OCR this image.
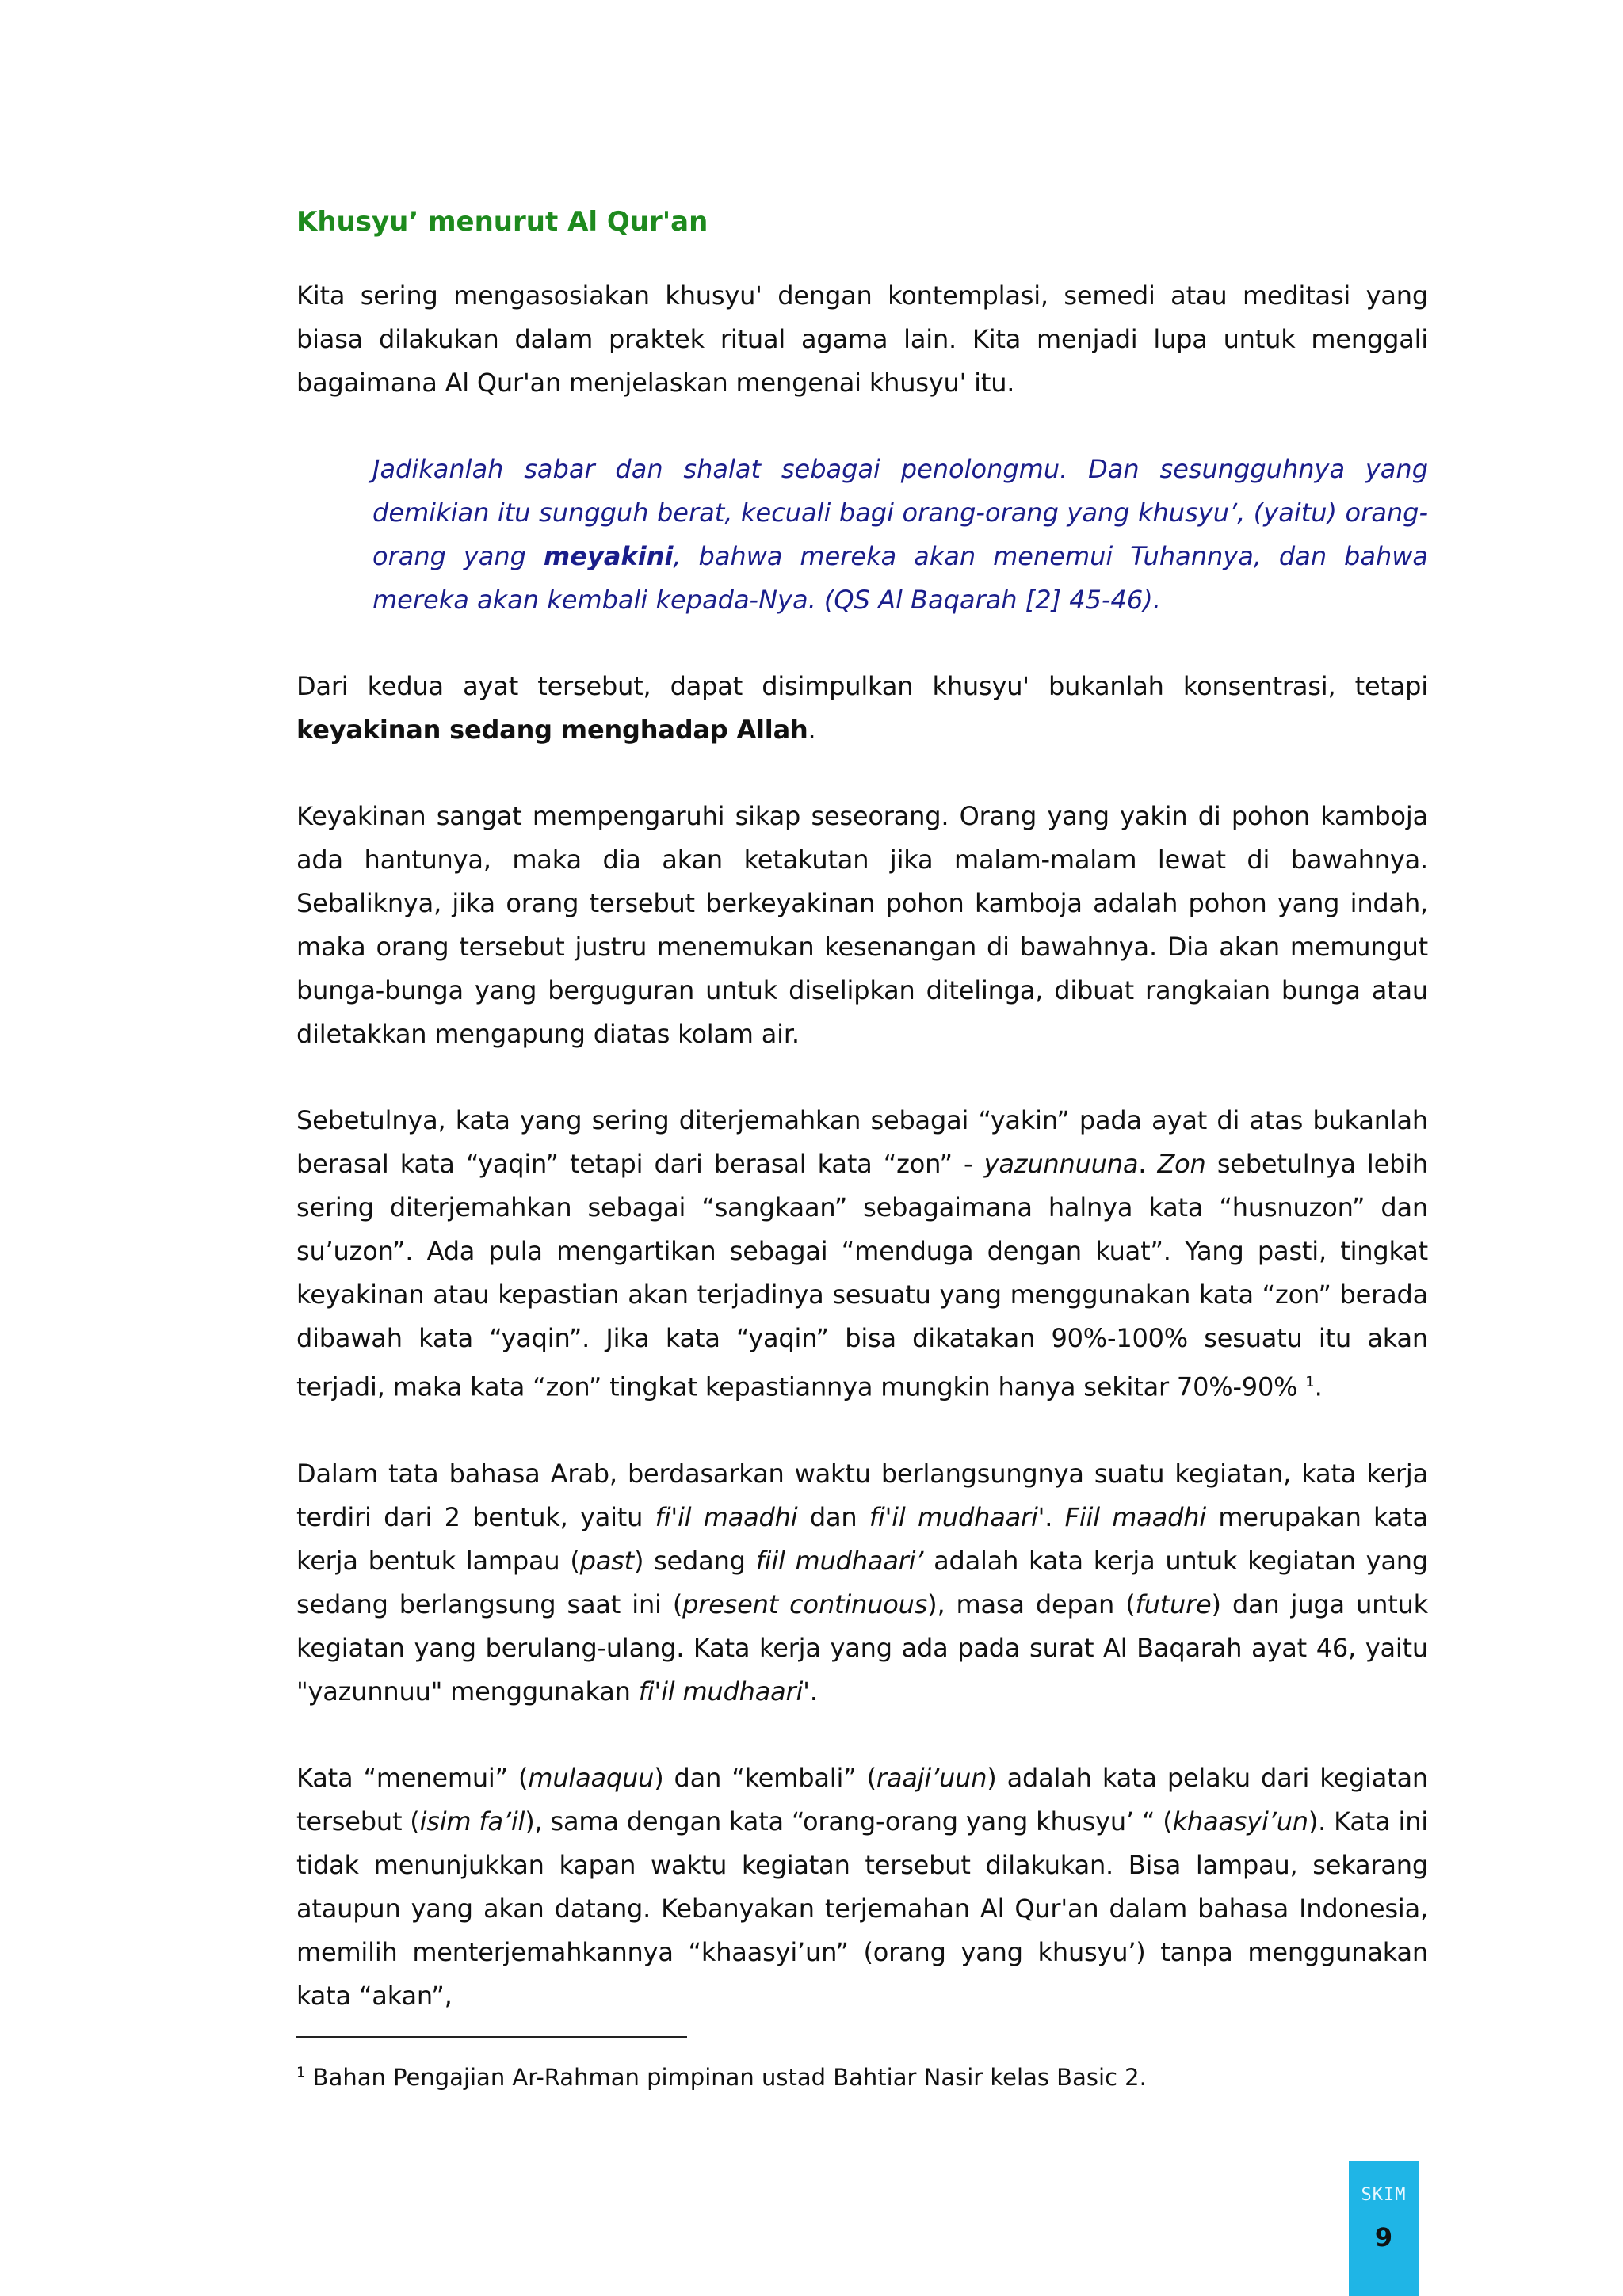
Khusyu’ menurut Al Qur'an

Kita sering mengasosiakan khusyu' dengan kontemplasi, semedi atau meditasi yang biasa dilakukan dalam praktek ritual agama lain. Kita menjadi lupa untuk menggali bagaimana Al Qur'an menjelaskan mengenai khusyu' itu.

Jadikanlah sabar dan shalat sebagai penolongmu. Dan sesungguhnya yang demikian itu sungguh berat, kecuali bagi orang-orang yang khusyu’, (yaitu) orang-orang yang meyakini, bahwa mereka akan menemui Tuhannya, dan bahwa mereka akan kembali kepada-Nya. (QS Al Baqarah [2] 45-46).

Dari kedua ayat tersebut, dapat disimpulkan khusyu' bukanlah konsentrasi, tetapi keyakinan sedang menghadap Allah.

Keyakinan sangat mempengaruhi sikap seseorang. Orang yang yakin di pohon kamboja ada hantunya, maka dia akan ketakutan jika malam-malam lewat di bawahnya. Sebaliknya, jika orang tersebut berkeyakinan pohon kamboja adalah pohon yang indah, maka orang tersebut justru menemukan kesenangan di bawahnya. Dia akan memungut bunga-bunga yang berguguran untuk diselipkan ditelinga, dibuat rangkaian bunga atau diletakkan mengapung diatas kolam air.

Sebetulnya, kata yang sering diterjemahkan sebagai “yakin” pada ayat di atas bukanlah berasal kata “yaqin” tetapi dari berasal kata “zon” - yazunnuuna. Zon sebetulnya lebih sering diterjemahkan sebagai “sangkaan” sebagaimana halnya kata “husnuzon” dan su’uzon”. Ada pula mengartikan sebagai “menduga dengan kuat”. Yang pasti, tingkat keyakinan atau kepastian akan terjadinya sesuatu yang menggunakan kata “zon” berada dibawah kata “yaqin”. Jika kata “yaqin” bisa dikatakan 90%-100% sesuatu itu akan terjadi, maka kata “zon” tingkat kepastiannya mungkin hanya sekitar 70%-90% $^1$.

Dalam tata bahasa Arab, berdasarkan waktu berlangsungnya suatu kegiatan, kata kerja terdiri dari 2 bentuk, yaitu fi'il maadhi dan fi'il mudhaari'. Fiil maadhi merupakan kata kerja bentuk lampau (past) sedang fiil mudhaari’ adalah kata kerja untuk kegiatan yang sedang berlangsung saat ini (present continuous), masa depan (future) dan juga untuk kegiatan yang berulang-ulang. Kata kerja yang ada pada surat Al Baqarah ayat 46, yaitu "yazunnuu" menggunakan fi'il mudhaari'.

Kata “menemui” (mulaaquu) dan “kembali” (raaji’uun) adalah kata pelaku dari kegiatan tersebut (isim fa’il), sama dengan kata “orang-orang yang khusyu’ “ (khaasyi’un). Kata ini tidak menunjukkan kapan waktu kegiatan tersebut dilakukan. Bisa lampau, sekarang ataupun yang akan datang. Kebanyakan terjemahan Al Qur'an dalam bahasa Indonesia, memilih menterjemahkannya “khaasyi’un” (orang yang khusyu’) tanpa menggunakan kata “akan”,

$^1$ Bahan Pengajian Ar-Rahman pimpinan ustad Bahtiar Nasir kelas Basic 2.
SKIM
9
